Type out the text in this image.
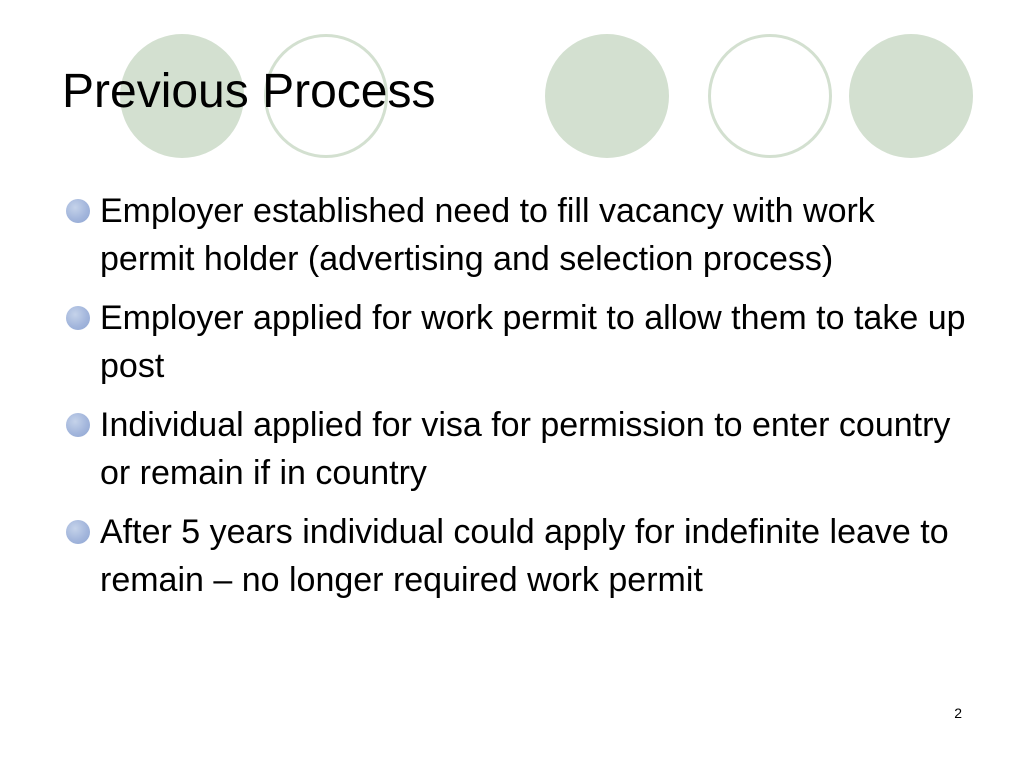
Previous Process
Employer established need to fill vacancy with work permit holder (advertising and selection process)
Employer applied for work permit to allow them to take up post
Individual applied for visa for permission to enter country or remain if in country
After 5 years individual could apply for indefinite leave to remain – no longer required work permit
2
